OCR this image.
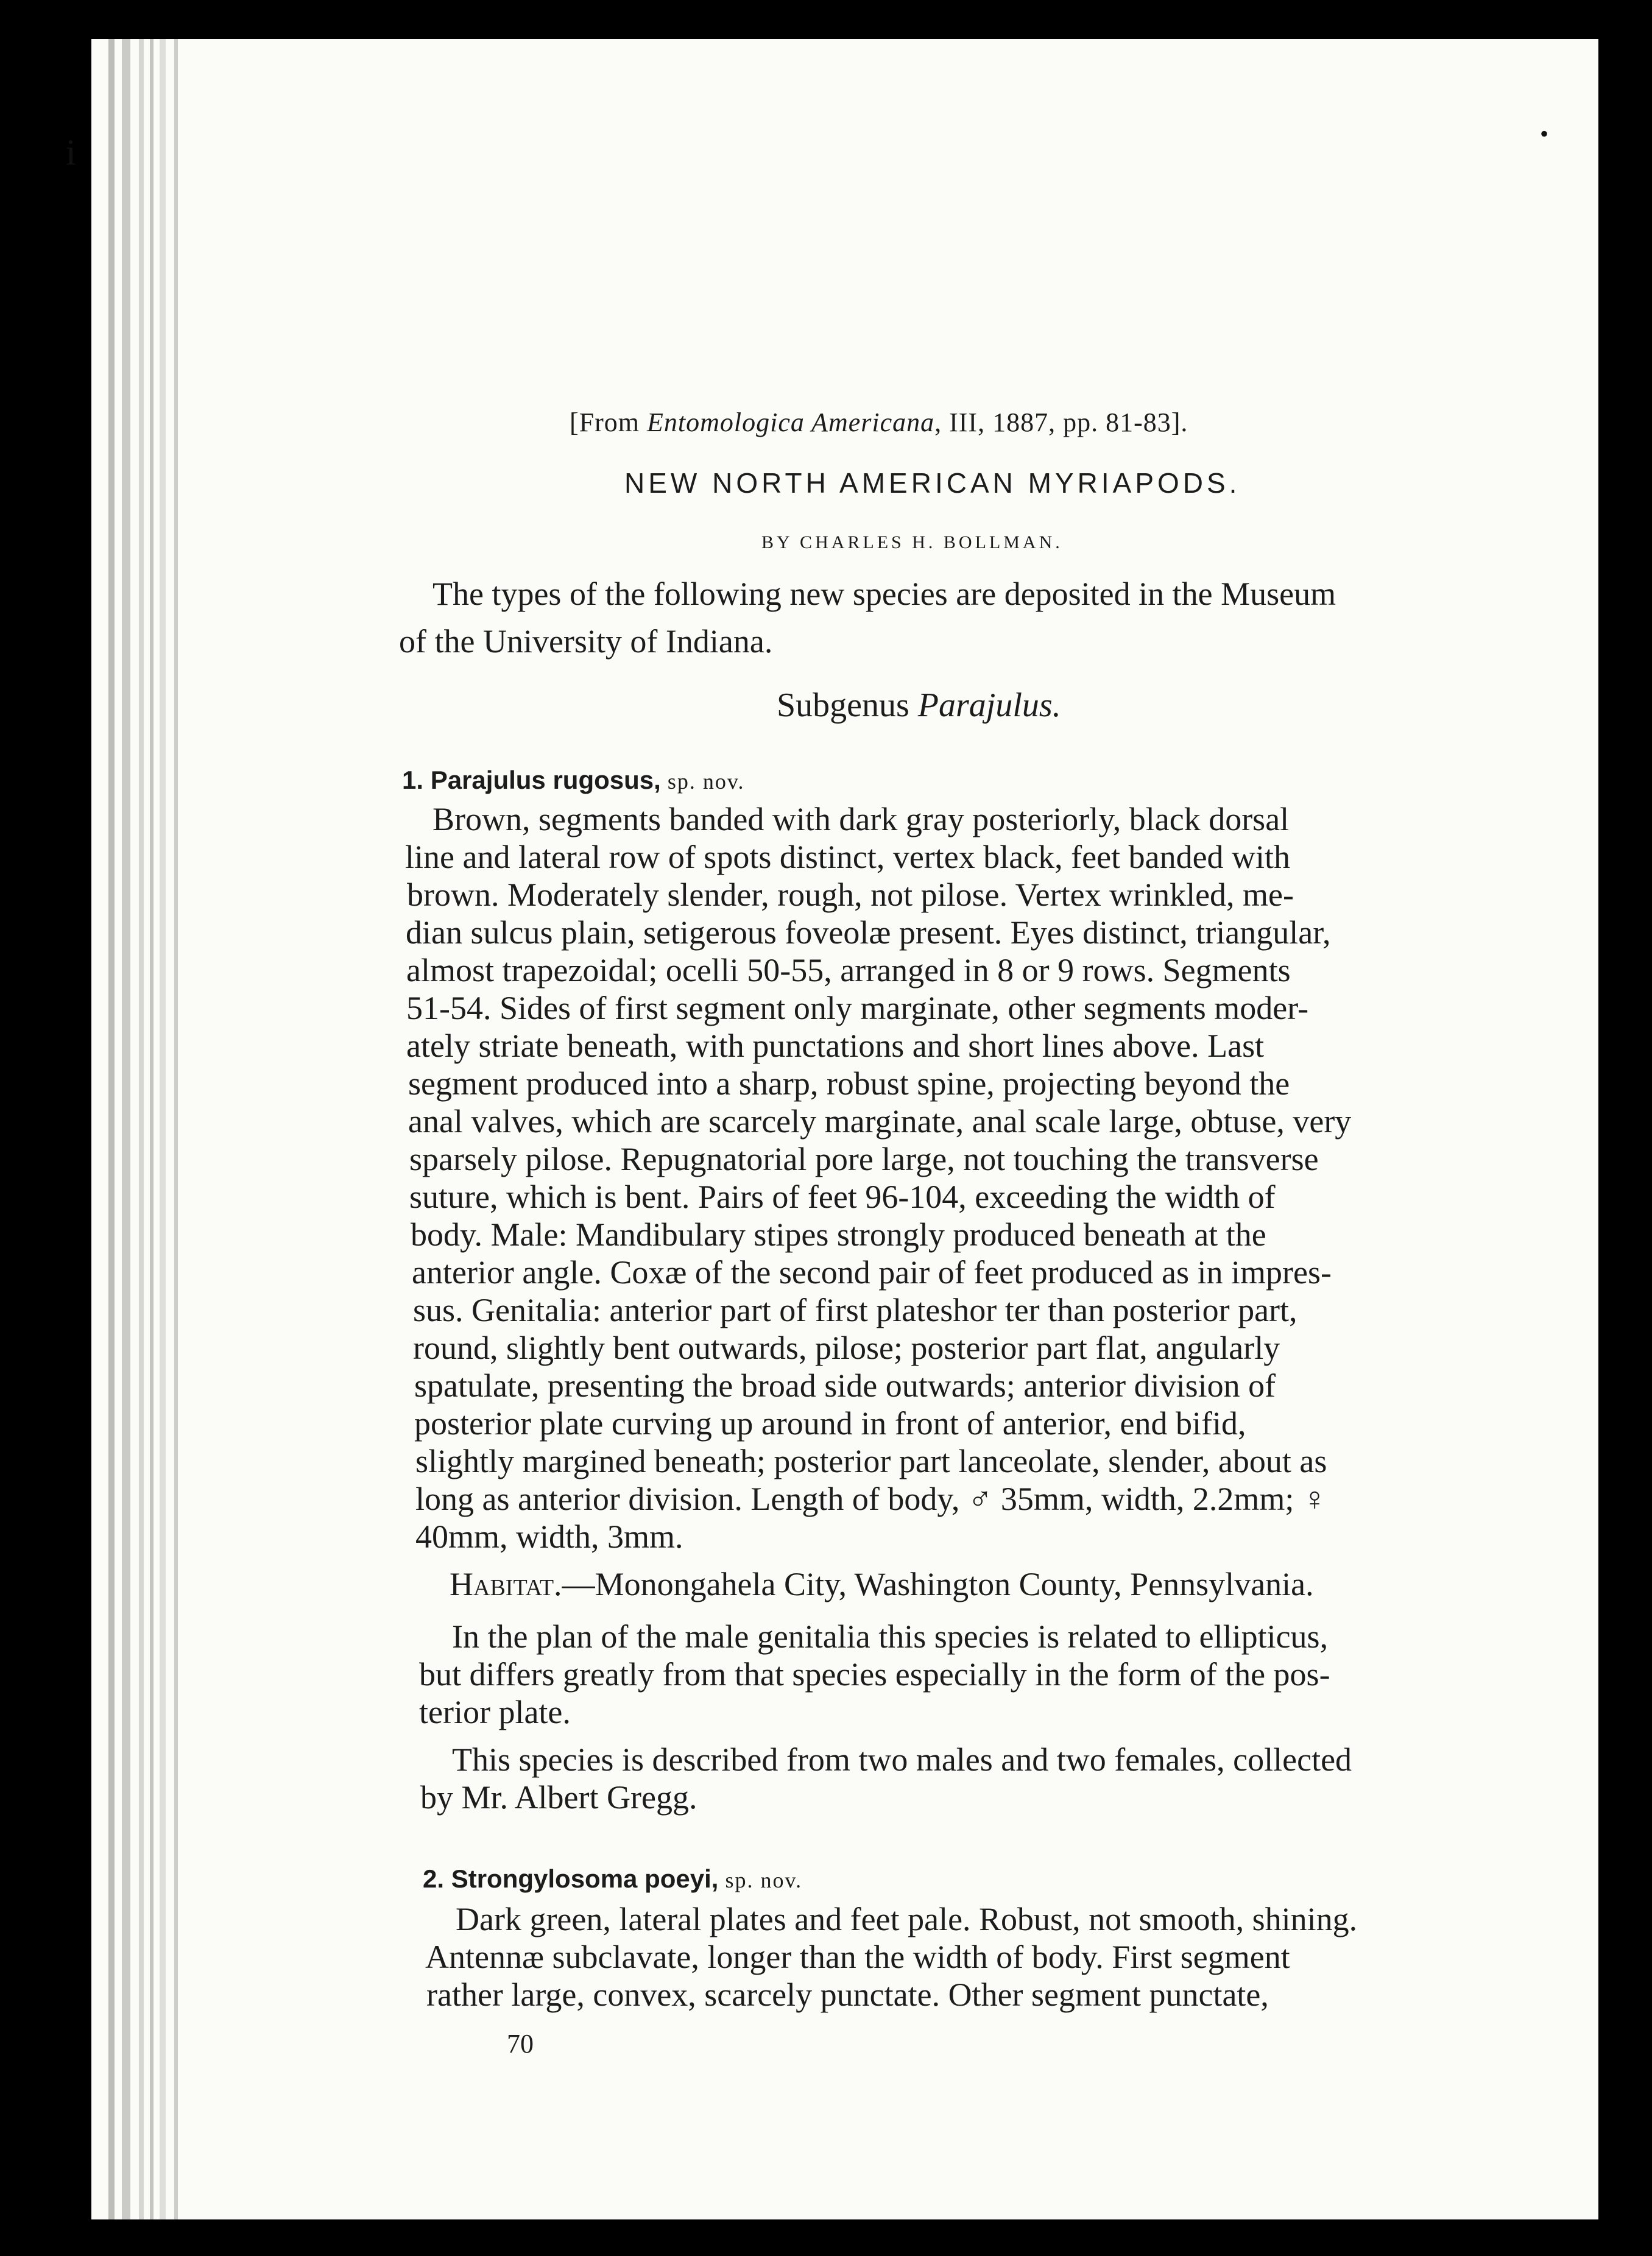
i	•
[From Entomologica Americana, III, 1887, pp. 81-83].
NEW NORTH AMERICAN MYRIAPODS.
BY CHARLES H. BOLLMAN.
The types of the following new species are deposited in the Museum
of the University of Indiana.
Subgenus Parajulus.
1. Parajulus rugosus, sp. nov.
Brown, segments banded with dark gray posteriorly, black dorsal
line and lateral row of spots distinct, vertex black, feet banded with
brown. Moderately slender, rough, not pilose. Vertex wrinkled, me-
dian sulcus plain, setigerous foveolæ present. Eyes distinct, triangular,
almost trapezoidal; ocelli 50-55, arranged in 8 or 9 rows. Segments
51-54. Sides of first segment only marginate, other segments moder-
ately striate beneath, with punctations and short lines above. Last
segment produced into a sharp, robust spine, projecting beyond the
anal valves, which are scarcely marginate, anal scale large, obtuse, very
sparsely pilose. Repugnatorial pore large, not touching the transverse
suture, which is bent. Pairs of feet 96-104, exceeding the width of
body. Male: Mandibulary stipes strongly produced beneath at the
anterior angle. Coxæ of the second pair of feet produced as in impres-
sus. Genitalia: anterior part of first plateshor ter than posterior part,
round, slightly bent outwards, pilose; posterior part flat, angularly
spatulate, presenting the broad side outwards; anterior division of
posterior plate curving up around in front of anterior, end bifid,
slightly margined beneath; posterior part lanceolate, slender, about as
long as anterior division. Length of body, ♂ 35mm, width, 2.2mm; ♀
40mm, width, 3mm.
Habitat.—Monongahela City, Washington County, Pennsylvania.
In the plan of the male genitalia this species is related to ellipticus,
but differs greatly from that species especially in the form of the pos-
terior plate.
This species is described from two males and two females, collected
by Mr. Albert Gregg.
2. Strongylosoma poeyi, sp. nov.
Dark green, lateral plates and feet pale. Robust, not smooth, shining.
Antennæ subclavate, longer than the width of body. First segment
rather large, convex, scarcely punctate. Other segment punctate,
70
